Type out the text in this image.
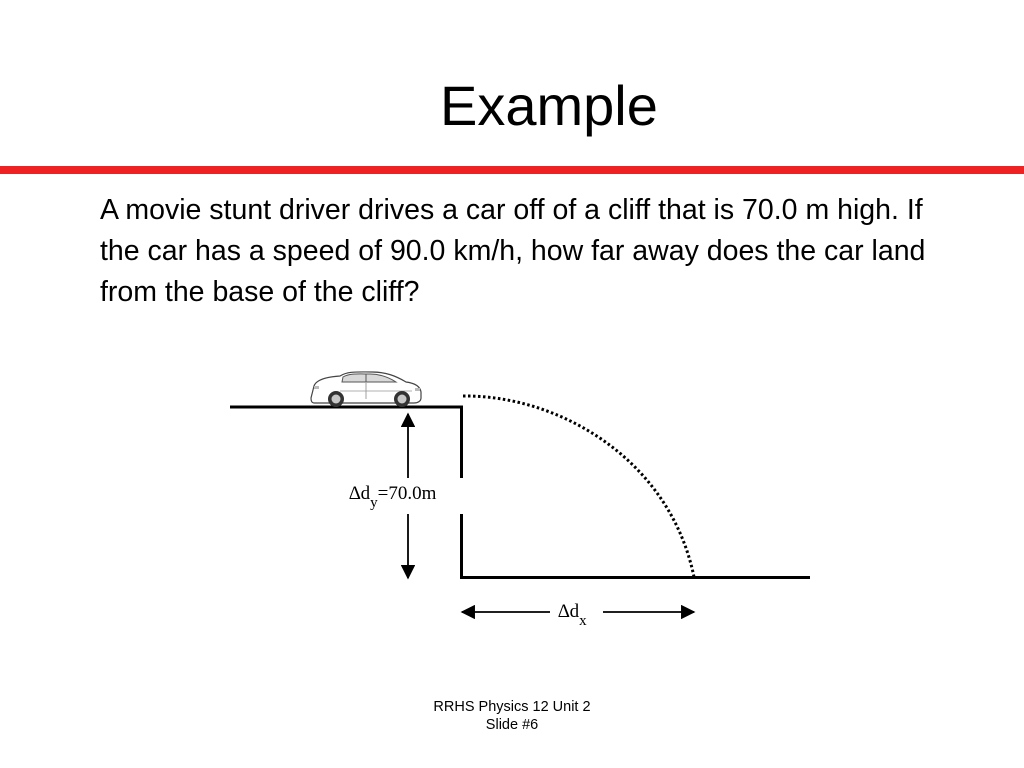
Example
A movie stunt driver drives a car off of a cliff that is 70.0 m high. If the car has a speed of 90.0 km/h, how far away does the car land from the base of the cliff?
$\Delta d_y=70.0m$
$\Delta d_x$
RRHS Physics 12 Unit 2
Slide #6
